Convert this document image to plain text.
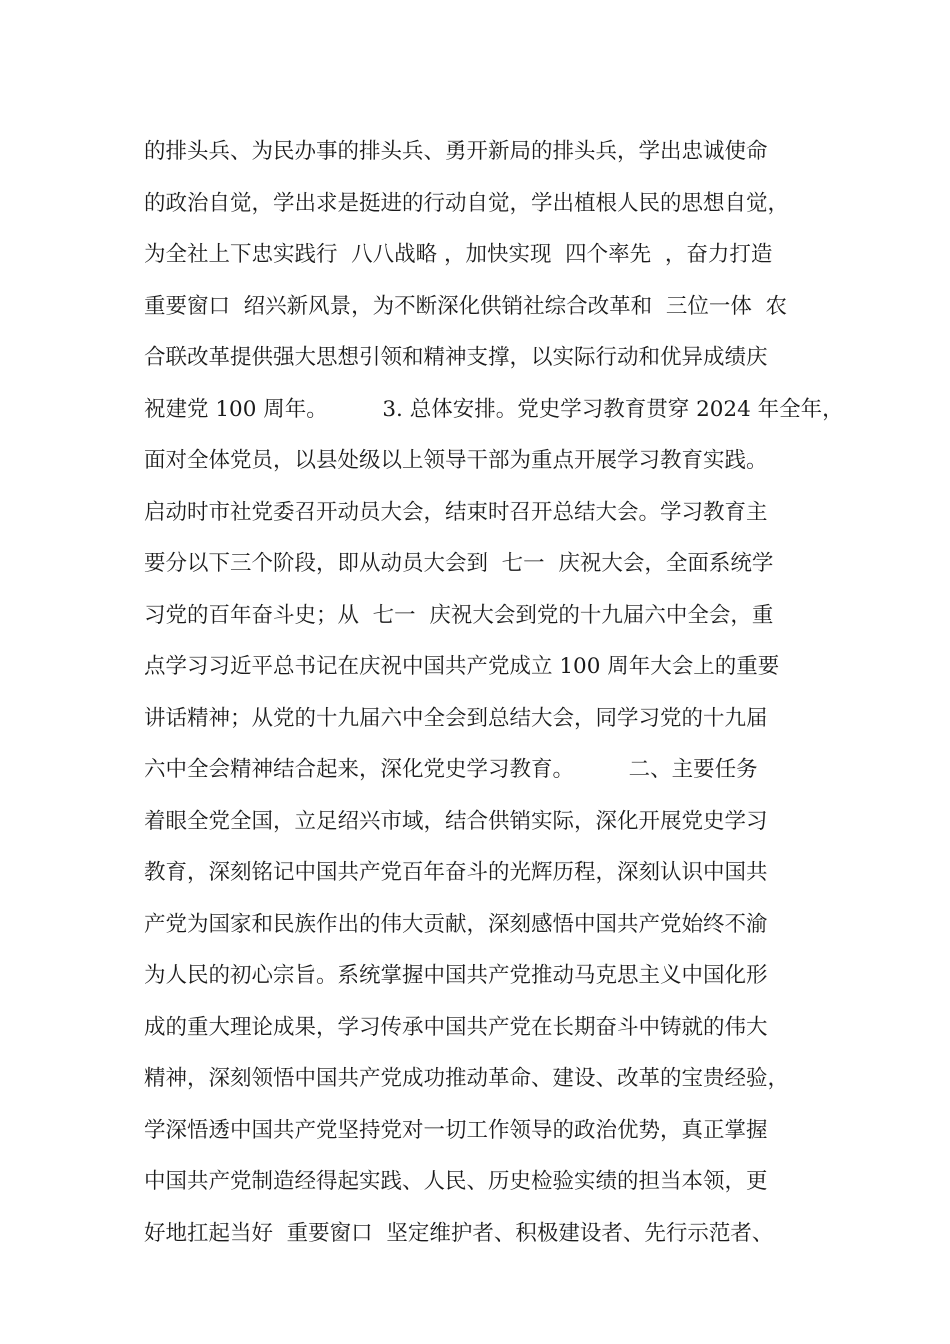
的排头兵、为民办事的排头兵、勇开新局的排头兵，学出忠诚使命
的政治自觉，学出求是挺进的行动自觉，学出植根人民的思想自觉，
为全社上下忠实践行  八八战略 ，加快实现  四个率先  ，奋力打造
重要窗口  绍兴新风景，为不断深化供销社综合改革和  三位一体  农
合联改革提供强大思想引领和精神支撑，以实际行动和优异成绩庆
祝建党 100 周年。        3. 总体安排。党史学习教育贯穿 2024 年全年，
面对全体党员，以县处级以上领导干部为重点开展学习教育实践。
启动时市社党委召开动员大会，结束时召开总结大会。学习教育主
要分以下三个阶段，即从动员大会到  七一  庆祝大会，全面系统学
习党的百年奋斗史；从  七一  庆祝大会到党的十九届六中全会，重
点学习习近平总书记在庆祝中国共产党成立 100 周年大会上的重要
讲话精神；从党的十九届六中全会到总结大会，同学习党的十九届
六中全会精神结合起来，深化党史学习教育。        二、主要任务
着眼全党全国，立足绍兴市域，结合供销实际，深化开展党史学习
教育，深刻铭记中国共产党百年奋斗的光辉历程，深刻认识中国共
产党为国家和民族作出的伟大贡献，深刻感悟中国共产党始终不渝
为人民的初心宗旨。系统掌握中国共产党推动马克思主义中国化形
成的重大理论成果，学习传承中国共产党在长期奋斗中铸就的伟大
精神，深刻领悟中国共产党成功推动革命、建设、改革的宝贵经验，
学深悟透中国共产党坚持党对一切工作领导的政治优势，真正掌握
中国共产党制造经得起实践、人民、历史检验实绩的担当本领，更
好地扛起当好  重要窗口  坚定维护者、积极建设者、先行示范者、
